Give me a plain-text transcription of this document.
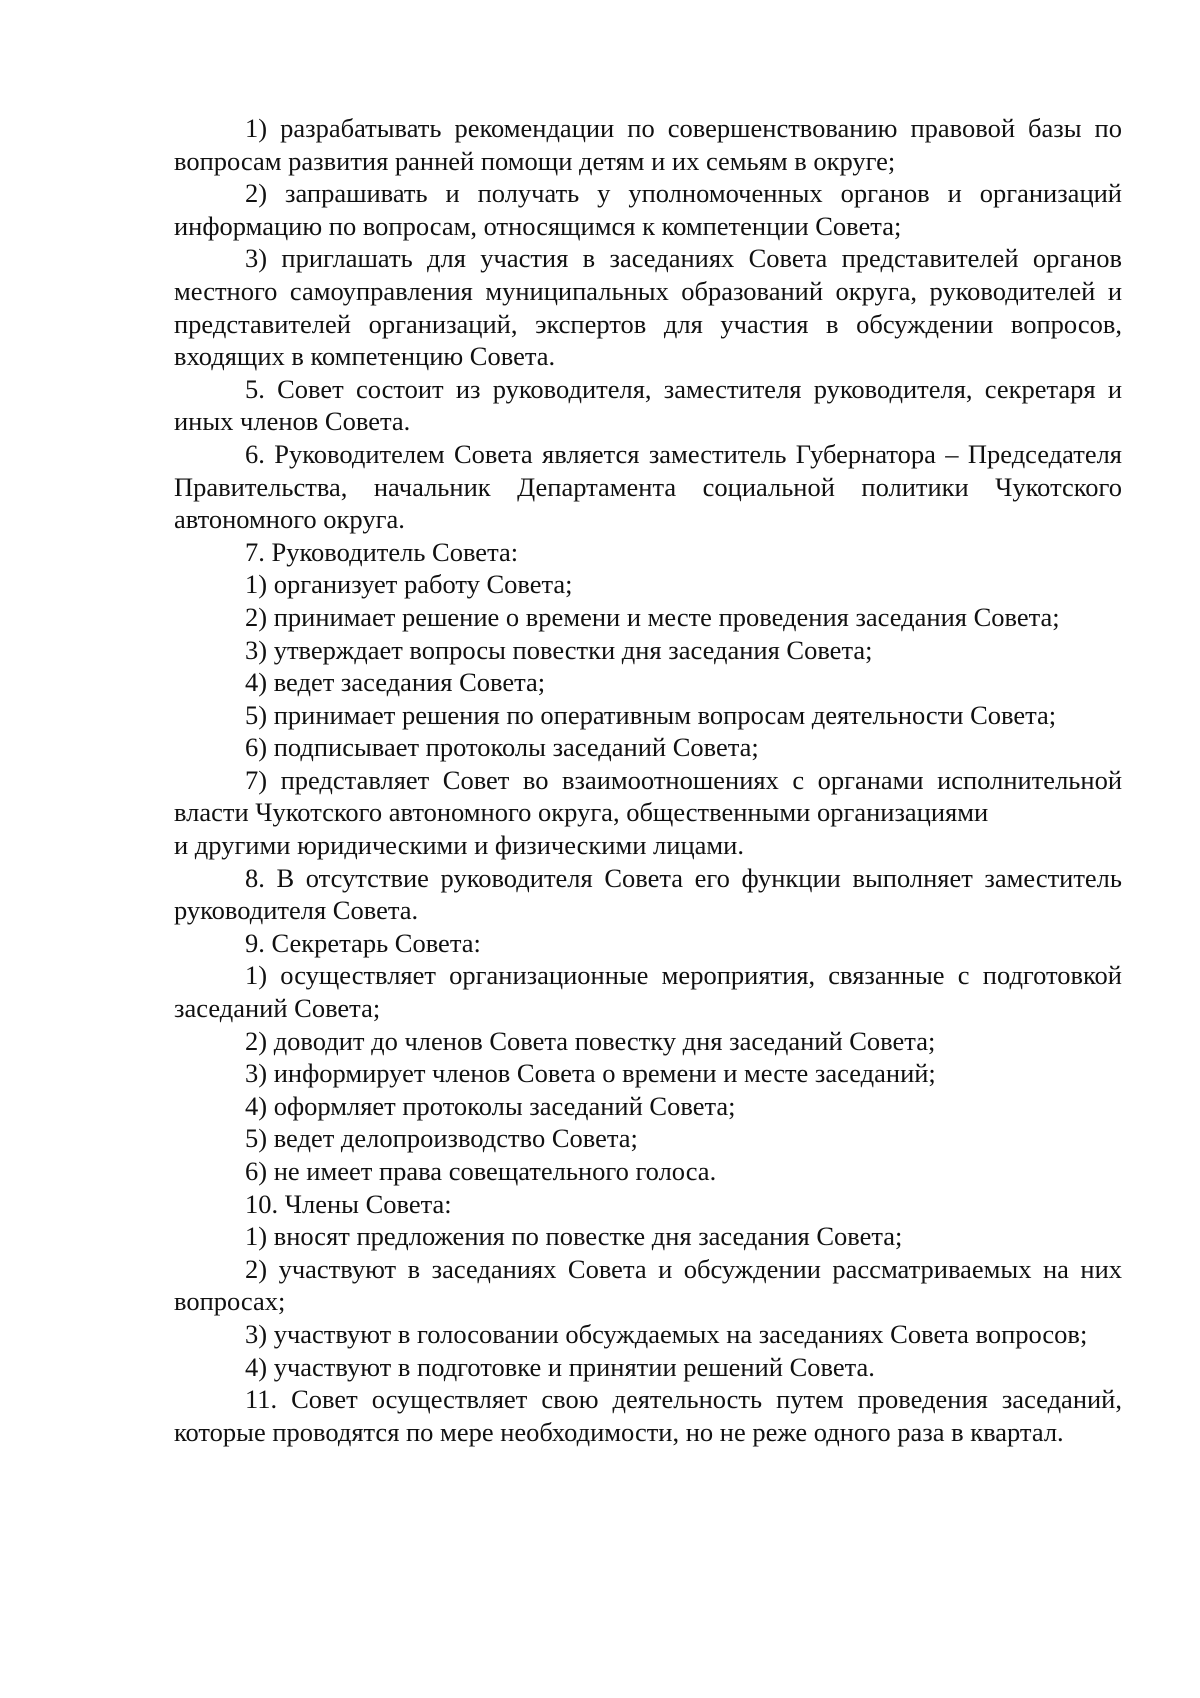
1) разрабатывать рекомендации по совершенствованию правовой базы по вопросам развития ранней помощи детям и их семьям в округе;

2) запрашивать и получать у уполномоченных органов и организаций информацию по вопросам, относящимся к компетенции Совета;

3) приглашать для участия в заседаниях Совета представителей органов местного самоуправления муниципальных образований округа, руководителей и представителей организаций, экспертов для участия в обсуждении вопросов, входящих в компетенцию Совета.

5. Совет состоит из руководителя, заместителя руководителя, секретаря и иных членов Совета.

6. Руководителем Совета является заместитель Губернатора – Председателя Правительства, начальник Департамента социальной политики Чукотского автономного округа.

7. Руководитель Совета:

1) организует работу Совета;

2) принимает решение о времени и месте проведения заседания Совета;

3) утверждает вопросы повестки дня заседания Совета;

4) ведет заседания Совета;

5) принимает решения по оперативным вопросам деятельности Совета;

6) подписывает протоколы заседаний Совета;

7) представляет Совет во взаимоотношениях с органами исполнительной власти Чукотского автономного округа, общественными организациями

и другими юридическими и физическими лицами.

8. В отсутствие руководителя Совета его функции выполняет заместитель руководителя Совета.

9. Секретарь Совета:

1) осуществляет организационные мероприятия, связанные с подготовкой заседаний Совета;

2) доводит до членов Совета повестку дня заседаний Совета;

3) информирует членов Совета о времени и месте заседаний;

4) оформляет протоколы заседаний Совета;

5) ведет делопроизводство Совета;

6) не имеет права совещательного голоса.

10. Члены Совета:

1) вносят предложения по повестке дня заседания Совета;

2) участвуют в заседаниях Совета и обсуждении рассматриваемых на них вопросах;

3) участвуют в голосовании обсуждаемых на заседаниях Совета вопросов;

4) участвуют в подготовке и принятии решений Совета.

11. Совет осуществляет свою деятельность путем проведения заседаний, которые проводятся по мере необходимости, но не реже одного раза в квартал.
